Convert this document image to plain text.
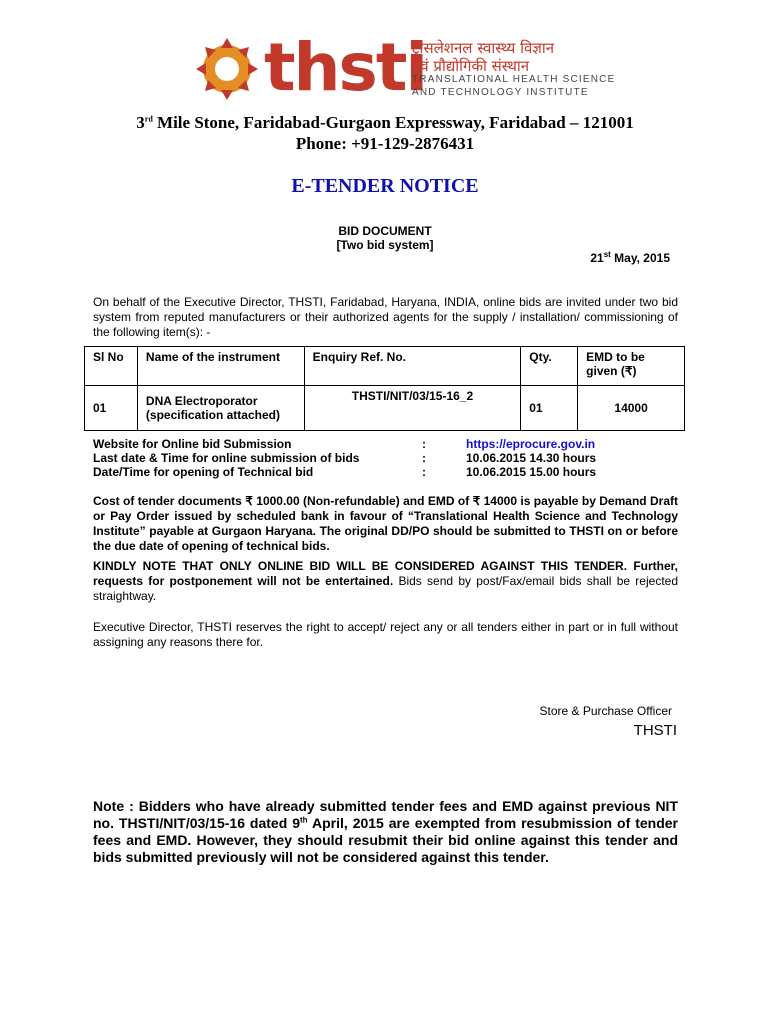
thsti
ट्रांसलेशनल स्वास्थ्य विज्ञान
एवं प्रौद्योगिकी संस्थान
TRANSLATIONAL HEALTH SCIENCE
AND TECHNOLOGY INSTITUTE
3rd Mile Stone, Faridabad-Gurgaon Expressway, Faridabad – 121001
Phone: +91-129-2876431
E-TENDER NOTICE
BID DOCUMENT
[Two bid system]
21st May, 2015
On behalf of the Executive Director, THSTI, Faridabad, Haryana, INDIA, online bids are invited under two bid system from reputed manufacturers or their authorized agents for the supply / installation/ commissioning of the following item(s): -
Sl No	Name of the instrument	Enquiry Ref. No.	Qty.	EMD to be given (₹)
01	DNA Electroporator (specification attached)	THSTI/NIT/03/15-16_2	01	14000
Website for Online bid Submission	:	https://eprocure.gov.in
Last date & Time for online submission of bids	:	10.06.2015 14.30 hours
Date/Time for opening of Technical bid	:	10.06.2015 15.00 hours
Cost of tender documents ₹ 1000.00 (Non-refundable) and EMD of ₹ 14000 is payable by Demand Draft or Pay Order issued by scheduled bank in favour of “Translational Health Science and Technology Institute” payable at Gurgaon Haryana. The original DD/PO should be submitted to THSTI on or before the due date of opening of technical bids.
KINDLY NOTE THAT ONLY ONLINE BID WILL BE CONSIDERED AGAINST THIS TENDER. Further, requests for postponement will not be entertained. Bids send by post/Fax/email bids shall be rejected straightway.
Executive Director, THSTI reserves the right to accept/ reject any or all tenders either in part or in full without assigning any reasons there for.
Store & Purchase Officer
THSTI
Note : Bidders who have already submitted tender fees and EMD against previous NIT no. THSTI/NIT/03/15-16 dated 9th April, 2015 are exempted from resubmission of tender fees and EMD. However, they should resubmit their bid online against this tender and bids submitted previously will not be considered against this tender.
